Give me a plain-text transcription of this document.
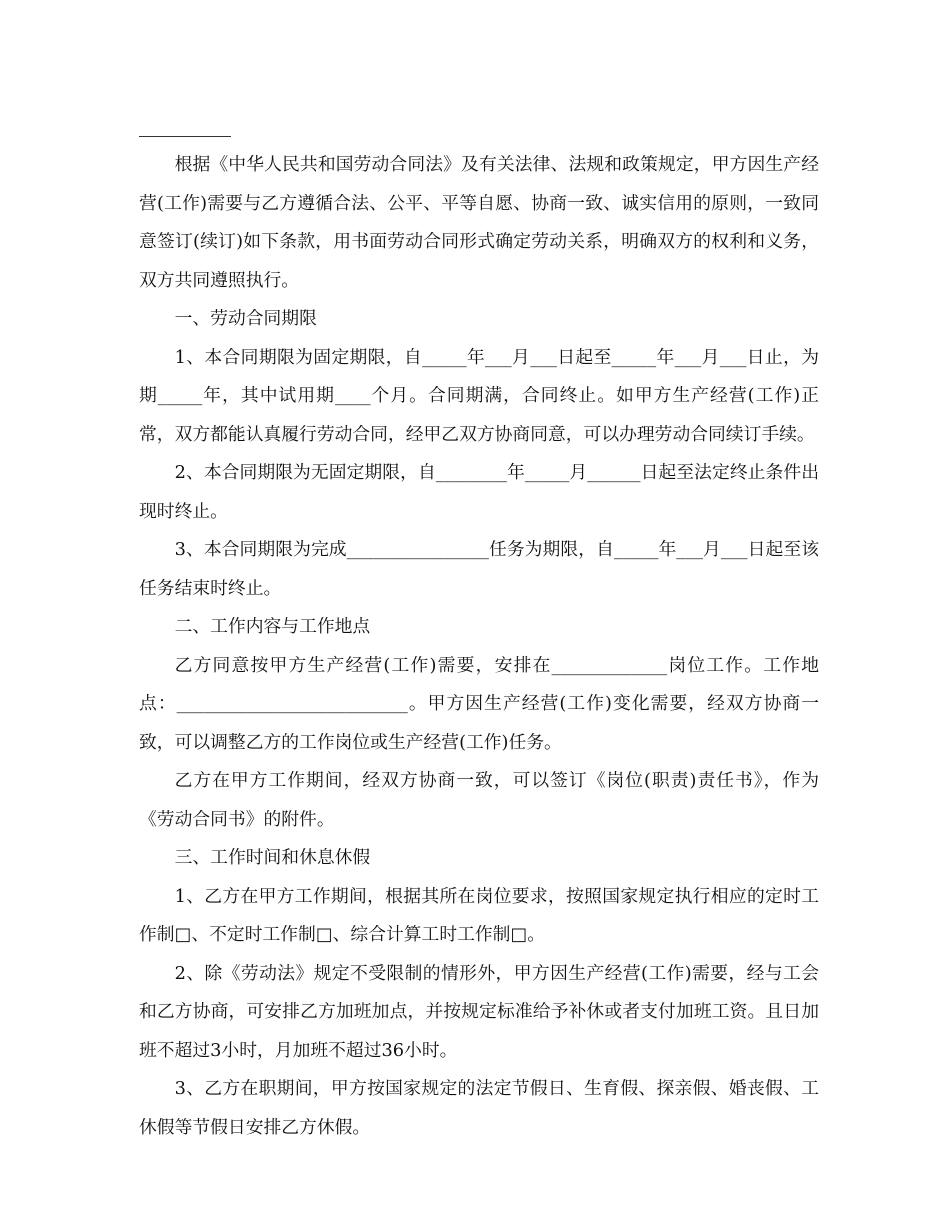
根据《中华人民共和国劳动合同法》及有关法律、法规和政策规定，甲方因生产经营(工作)需要与乙方遵循合法、公平、平等自愿、协商一致、诚实信用的原则，一致同意签订(续订)如下条款，用书面劳动合同形式确定劳动关系，明确双方的权利和义务，双方共同遵照执行。

一、劳动合同期限

1、本合同期限为固定期限，自_____年___月___日起至_____年___月___日止，为期_____年，其中试用期____个月。合同期满，合同终止。如甲方生产经营(工作)正常，双方都能认真履行劳动合同，经甲乙双方协商同意，可以办理劳动合同续订手续。

2、本合同期限为无固定期限，自________年_____月______日起至法定终止条件出现时终止。

3、本合同期限为完成________________任务为期限，自_____年___月___日起至该任务结束时终止。

二、工作内容与工作地点

乙方同意按甲方生产经营(工作)需要，安排在_____________岗位工作。工作地点：__________________________。甲方因生产经营(工作)变化需要，经双方协商一致，可以调整乙方的工作岗位或生产经营(工作)任务。

乙方在甲方工作期间，经双方协商一致，可以签订《岗位(职责)责任书》，作为《劳动合同书》的附件。

三、工作时间和休息休假

1、乙方在甲方工作期间，根据其所在岗位要求，按照国家规定执行相应的定时工作制□、不定时工作制□、综合计算工时工作制□。

2、除《劳动法》规定不受限制的情形外，甲方因生产经营(工作)需要，经与工会和乙方协商，可安排乙方加班加点，并按规定标准给予补休或者支付加班工资。且日加班不超过3小时，月加班不超过36小时。

3、乙方在职期间，甲方按国家规定的法定节假日、生育假、探亲假、婚丧假、工休假等节假日安排乙方休假。
